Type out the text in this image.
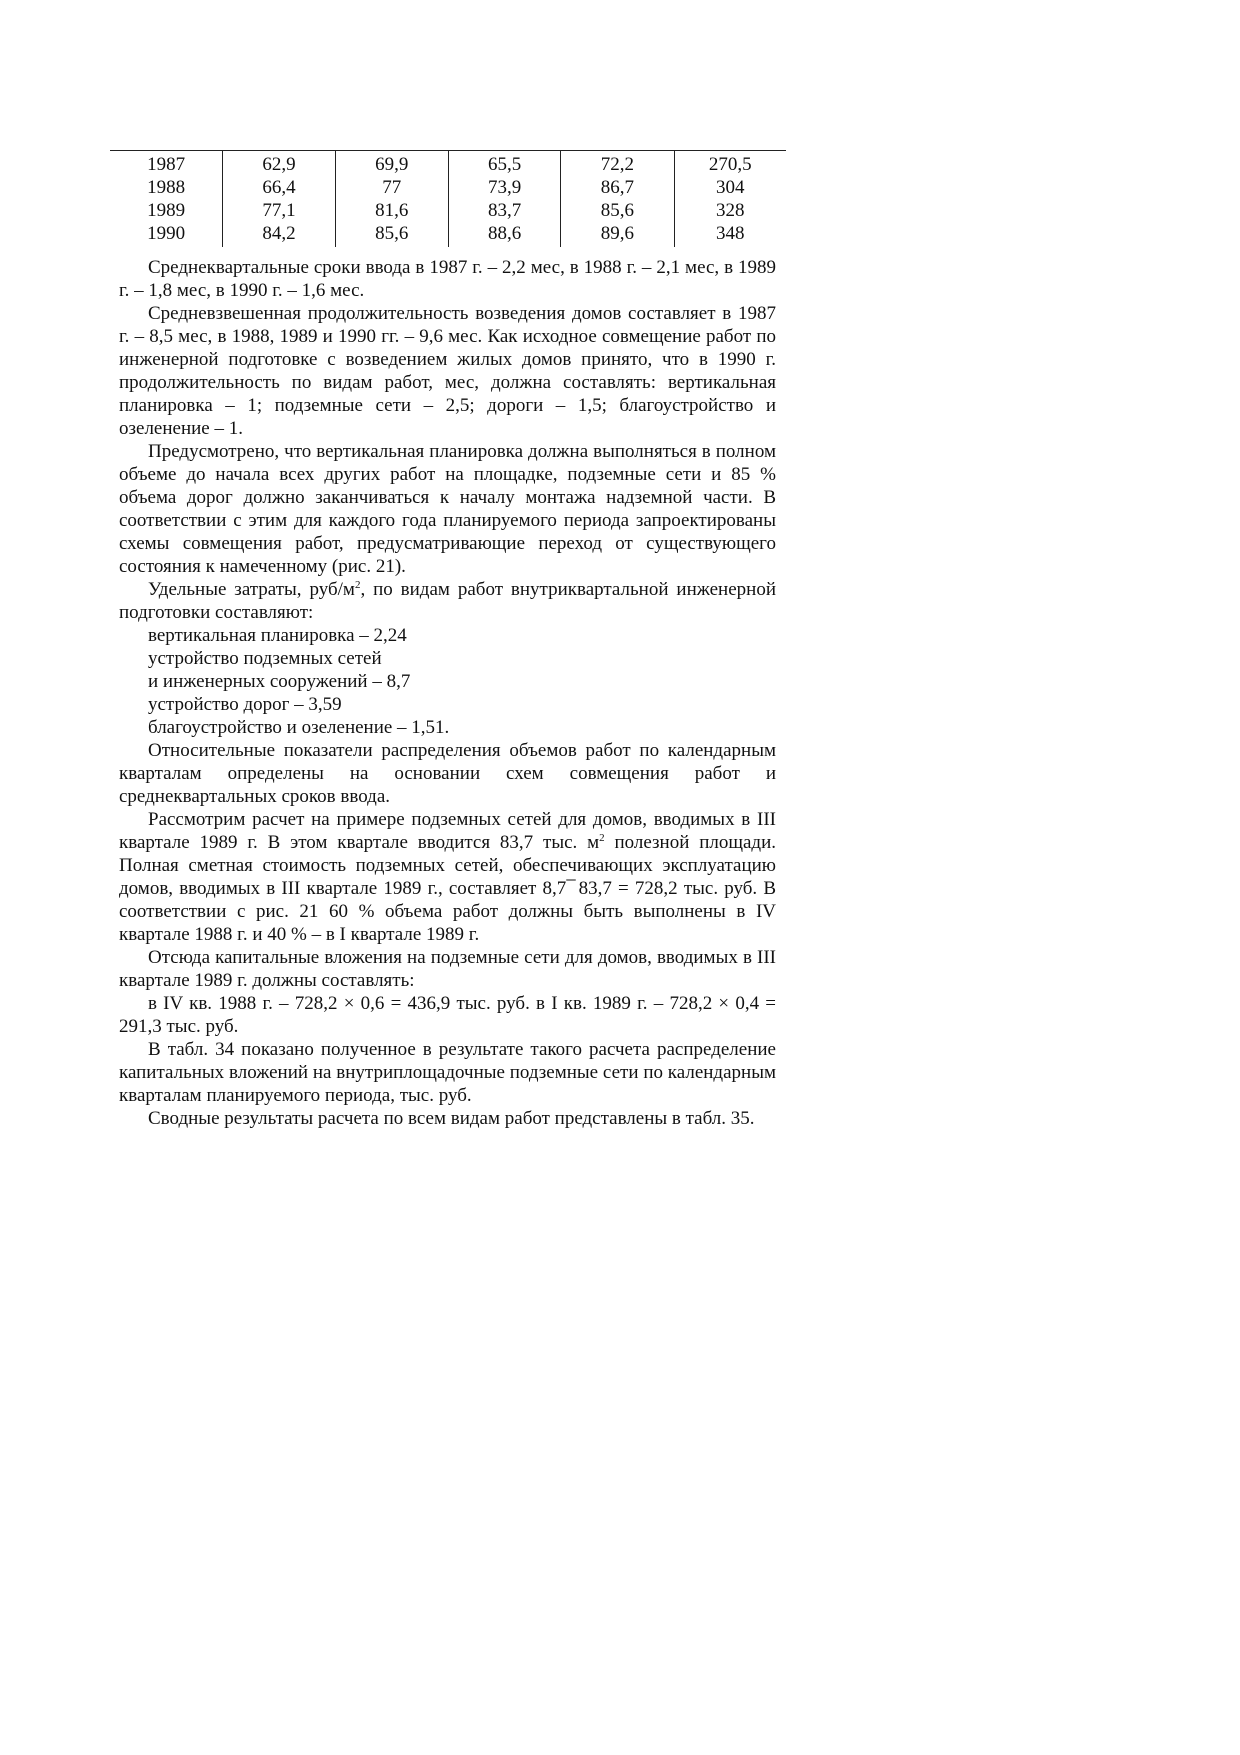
1987	62,9	69,9	65,5	72,2	270,5
1988	66,4	77	73,9	86,7	304
1989	77,1	81,6	83,7	85,6	328
1990	84,2	85,6	88,6	89,6	348

Среднеквартальные сроки ввода в 1987 г. – 2,2 мес, в 1988 г. – 2,1 мес, в 1989 г. – 1,8 мес, в 1990 г. – 1,6 мес.

Средневзвешенная продолжительность возведения домов составляет в 1987 г. – 8,5 мес, в 1988, 1989 и 1990 гг. – 9,6 мес. Как исходное совмещение работ по инженерной подготовке с возведением жилых домов принято, что в 1990 г. продолжительность по видам работ, мес, должна составлять: вертикальная планировка – 1; подземные сети – 2,5; дороги – 1,5; благоустройство и озеленение – 1.

Предусмотрено, что вертикальная планировка должна выполняться в полном объеме до начала всех других работ на площадке, подземные сети и 85 % объема дорог должно заканчиваться к началу монтажа надземной части. В соответствии с этим для каждого года планируемого периода запроектированы схемы совмещения работ, предусматривающие переход от существующего состояния к намеченному (рис. 21).

Удельные затраты, руб/$м^2$, по видам работ внутриквартальной инженерной подготовки составляют:

вертикальная планировка – 2,24

устройство подземных сетей

и инженерных сооружений – 8,7

устройство дорог – 3,59

благоустройство и озеленение – 1,51.

Относительные показатели распределения объемов работ по календарным кварталам определены на основании схем совмещения работ и среднеквартальных сроков ввода.

Рассмотрим расчет на примере подземных сетей для домов, вводимых в III квартале 1989 г. В этом квартале вводится 83,7 тыс. $м^2$ полезной площади. Полная сметная стоимость подземных сетей, обеспечивающих эксплуатацию домов, вводимых в III квартале 1989 г., составляет 8,7 ̅ 83,7 = 728,2 тыс. руб. В соответствии с рис. 21 60 % объема работ должны быть выполнены в IV квартале 1988 г. и 40 % – в I квартале 1989 г.

Отсюда капитальные вложения на подземные сети для домов, вводимых в III квартале 1989 г. должны составлять:

в IV кв. 1988 г. – 728,2 × 0,6 = 436,9 тыс. руб. в I кв. 1989 г. – 728,2 × 0,4 = 291,3 тыс. руб.

В табл. 34 показано полученное в результате такого расчета распределение капитальных вложений на внутриплощадочные подземные сети по календарным кварталам планируемого периода, тыс. руб.

Сводные результаты расчета по всем видам работ представлены в табл. 35.
